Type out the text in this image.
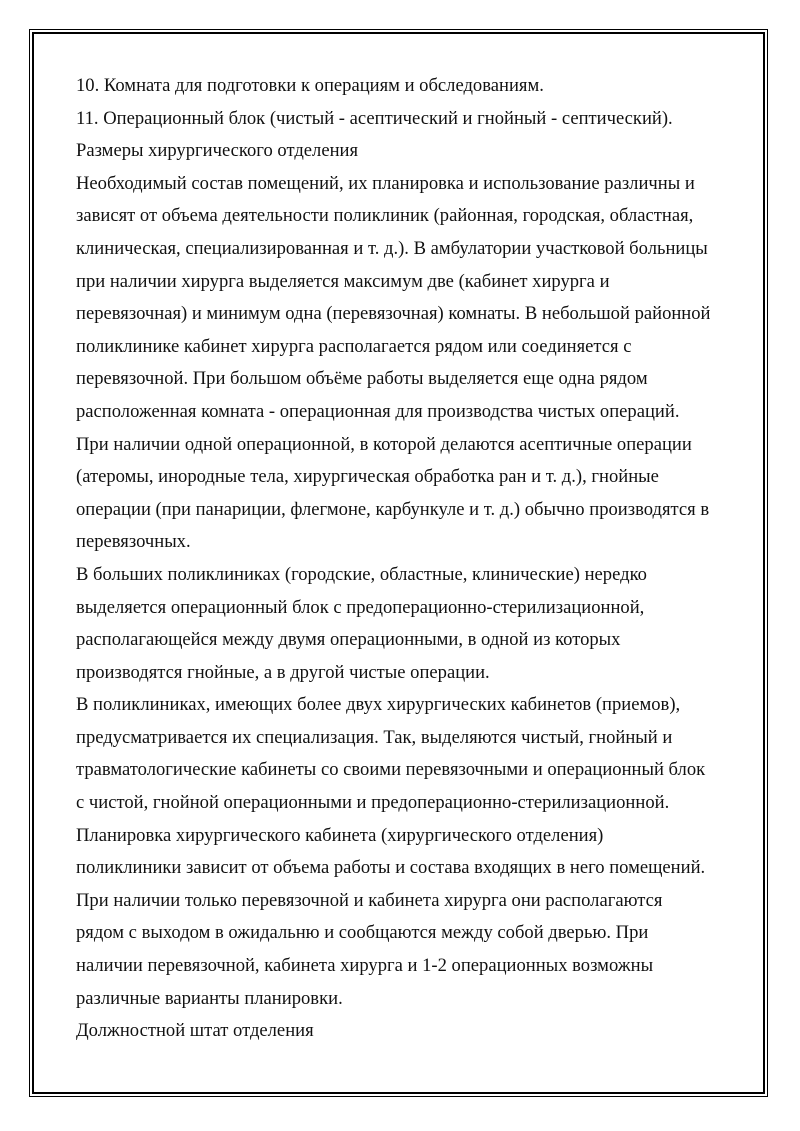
10. Комната для подготовки к операциям и обследованиям.
11. Операционный блок (чистый - асептический и гнойный - септический).
Размеры хирургического отделения
Необходимый состав помещений, их планировка и использование различны и
зависят от объема деятельности поликлиник (районная, городская, областная,
клиническая, специализированная и т. д.). В амбулатории участковой больницы
при наличии хирурга выделяется максимум две (кабинет хирурга и
перевязочная) и минимум одна (перевязочная) комнаты. В небольшой районной
поликлинике кабинет хирурга располагается рядом или соединяется с
перевязочной. При большом объёме работы выделяется еще одна рядом
расположенная комната - операционная для производства чистых операций.
При наличии одной операционной, в которой делаются асептичные операции
(атеромы, инородные тела, хирургическая обработка ран и т. д.), гнойные
операции (при панариции, флегмоне, карбункуле и т. д.) обычно производятся в
перевязочных.
В больших поликлиниках (городские, областные, клинические) нередко
выделяется операционный блок с предоперационно-стерилизационной,
располагающейся между двумя операционными, в одной из которых
производятся гнойные, а в другой чистые операции.
В поликлиниках, имеющих более двух хирургических кабинетов (приемов),
предусматривается их специализация. Так, выделяются чистый, гнойный и
травматологические кабинеты со своими перевязочными и операционный блок
с чистой, гнойной операционными и предоперационно-стерилизационной.
Планировка хирургического кабинета (хирургического отделения)
поликлиники зависит от объема работы и состава входящих в него помещений.
При наличии только перевязочной и кабинета хирурга они располагаются
рядом с выходом в ожидальню и сообщаются между собой дверью. При
наличии перевязочной, кабинета хирурга и 1-2 операционных возможны
различные варианты планировки.
Должностной штат отделения
